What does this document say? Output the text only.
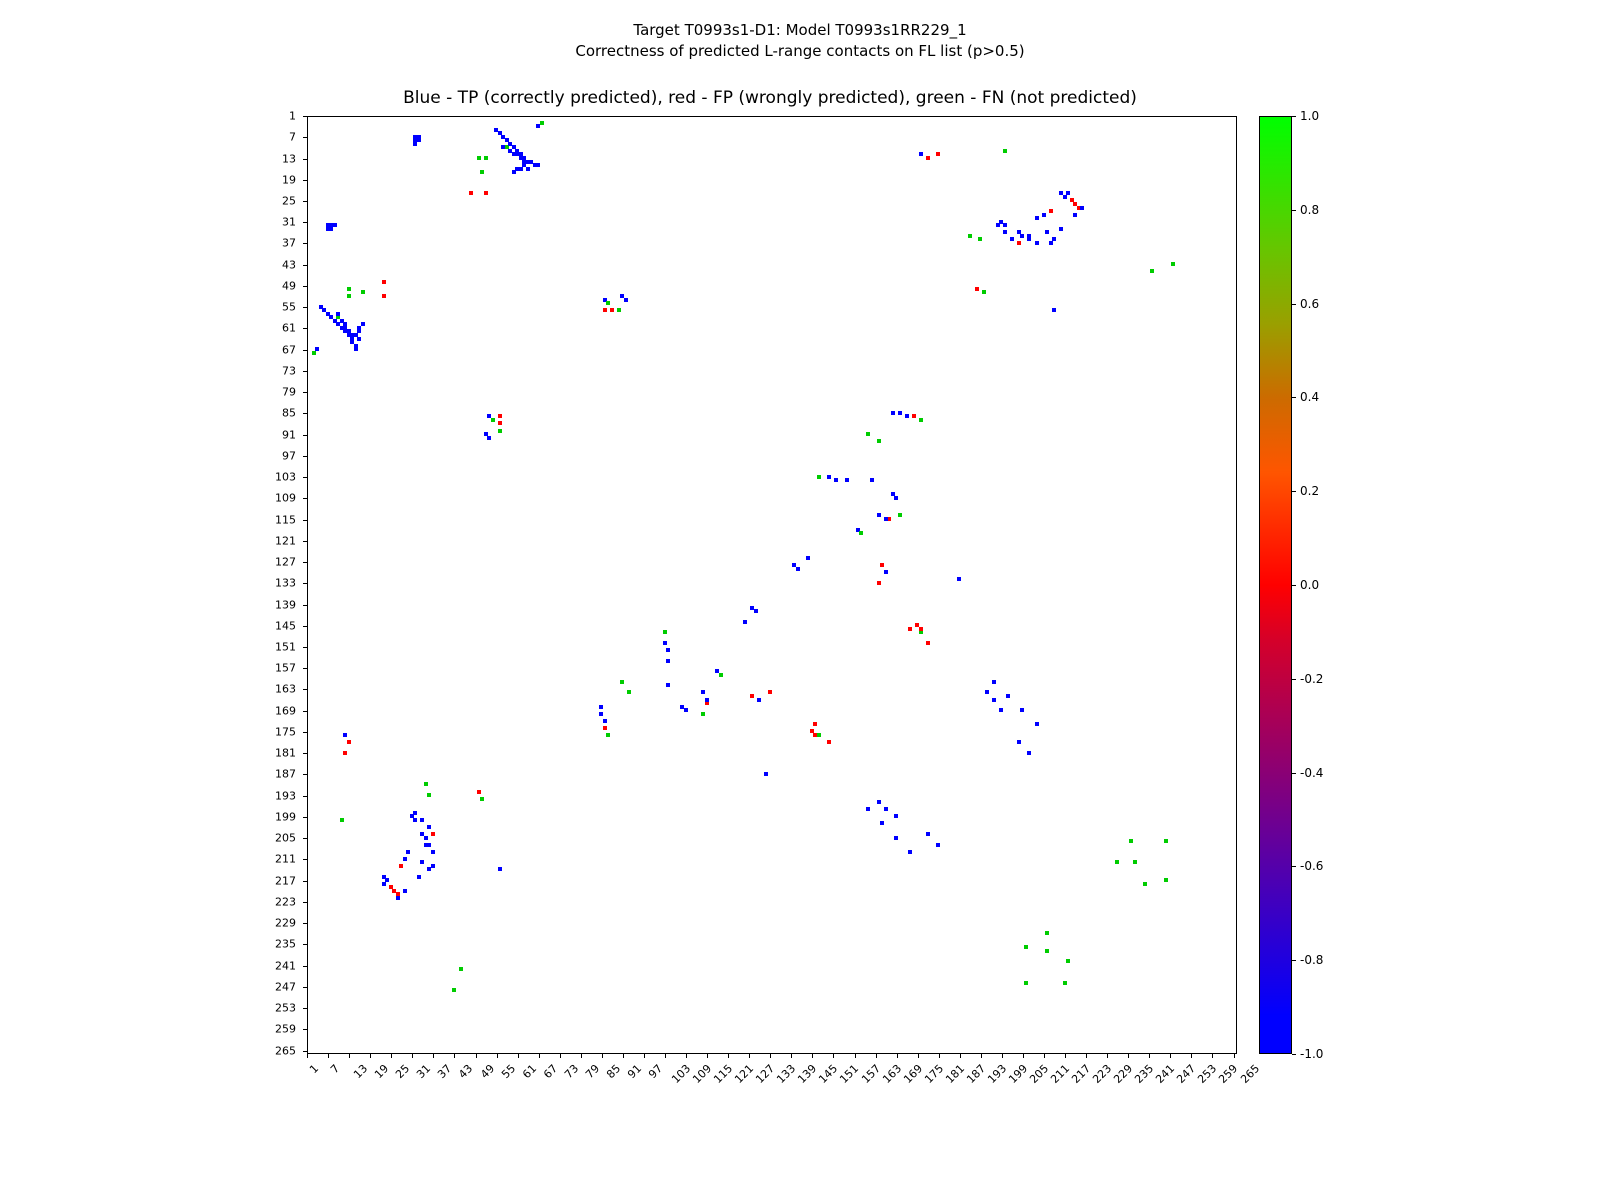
Target T0993s1-D1: Model T0993s1RR229_1
Correctness of predicted L-range contacts on FL list (p>0.5)
Blue - TP (correctly predicted), red - FP (wrongly predicted), green - FN (not predicted)
1
7
13
19
25
31
37
43
49
55
61
67
73
79
85
91
97
103
109
115
121
127
133
139
145
151
157
163
169
175
181
187
193
199
205
211
217
223
229
235
241
247
253
259
265
1 7 13 19 25 31 37 43 49 55 61 67 73 79 85 91 97 103
109
115
121
127
133
139
145
151
157
163
169
175
181
187
193
199
205
211
217
223
229
235
241
247
253
259
265
1.0
0.8
0.6
0.4
0.2
0.0
-0.2
-0.4
-0.6
-0.8
-1.0
